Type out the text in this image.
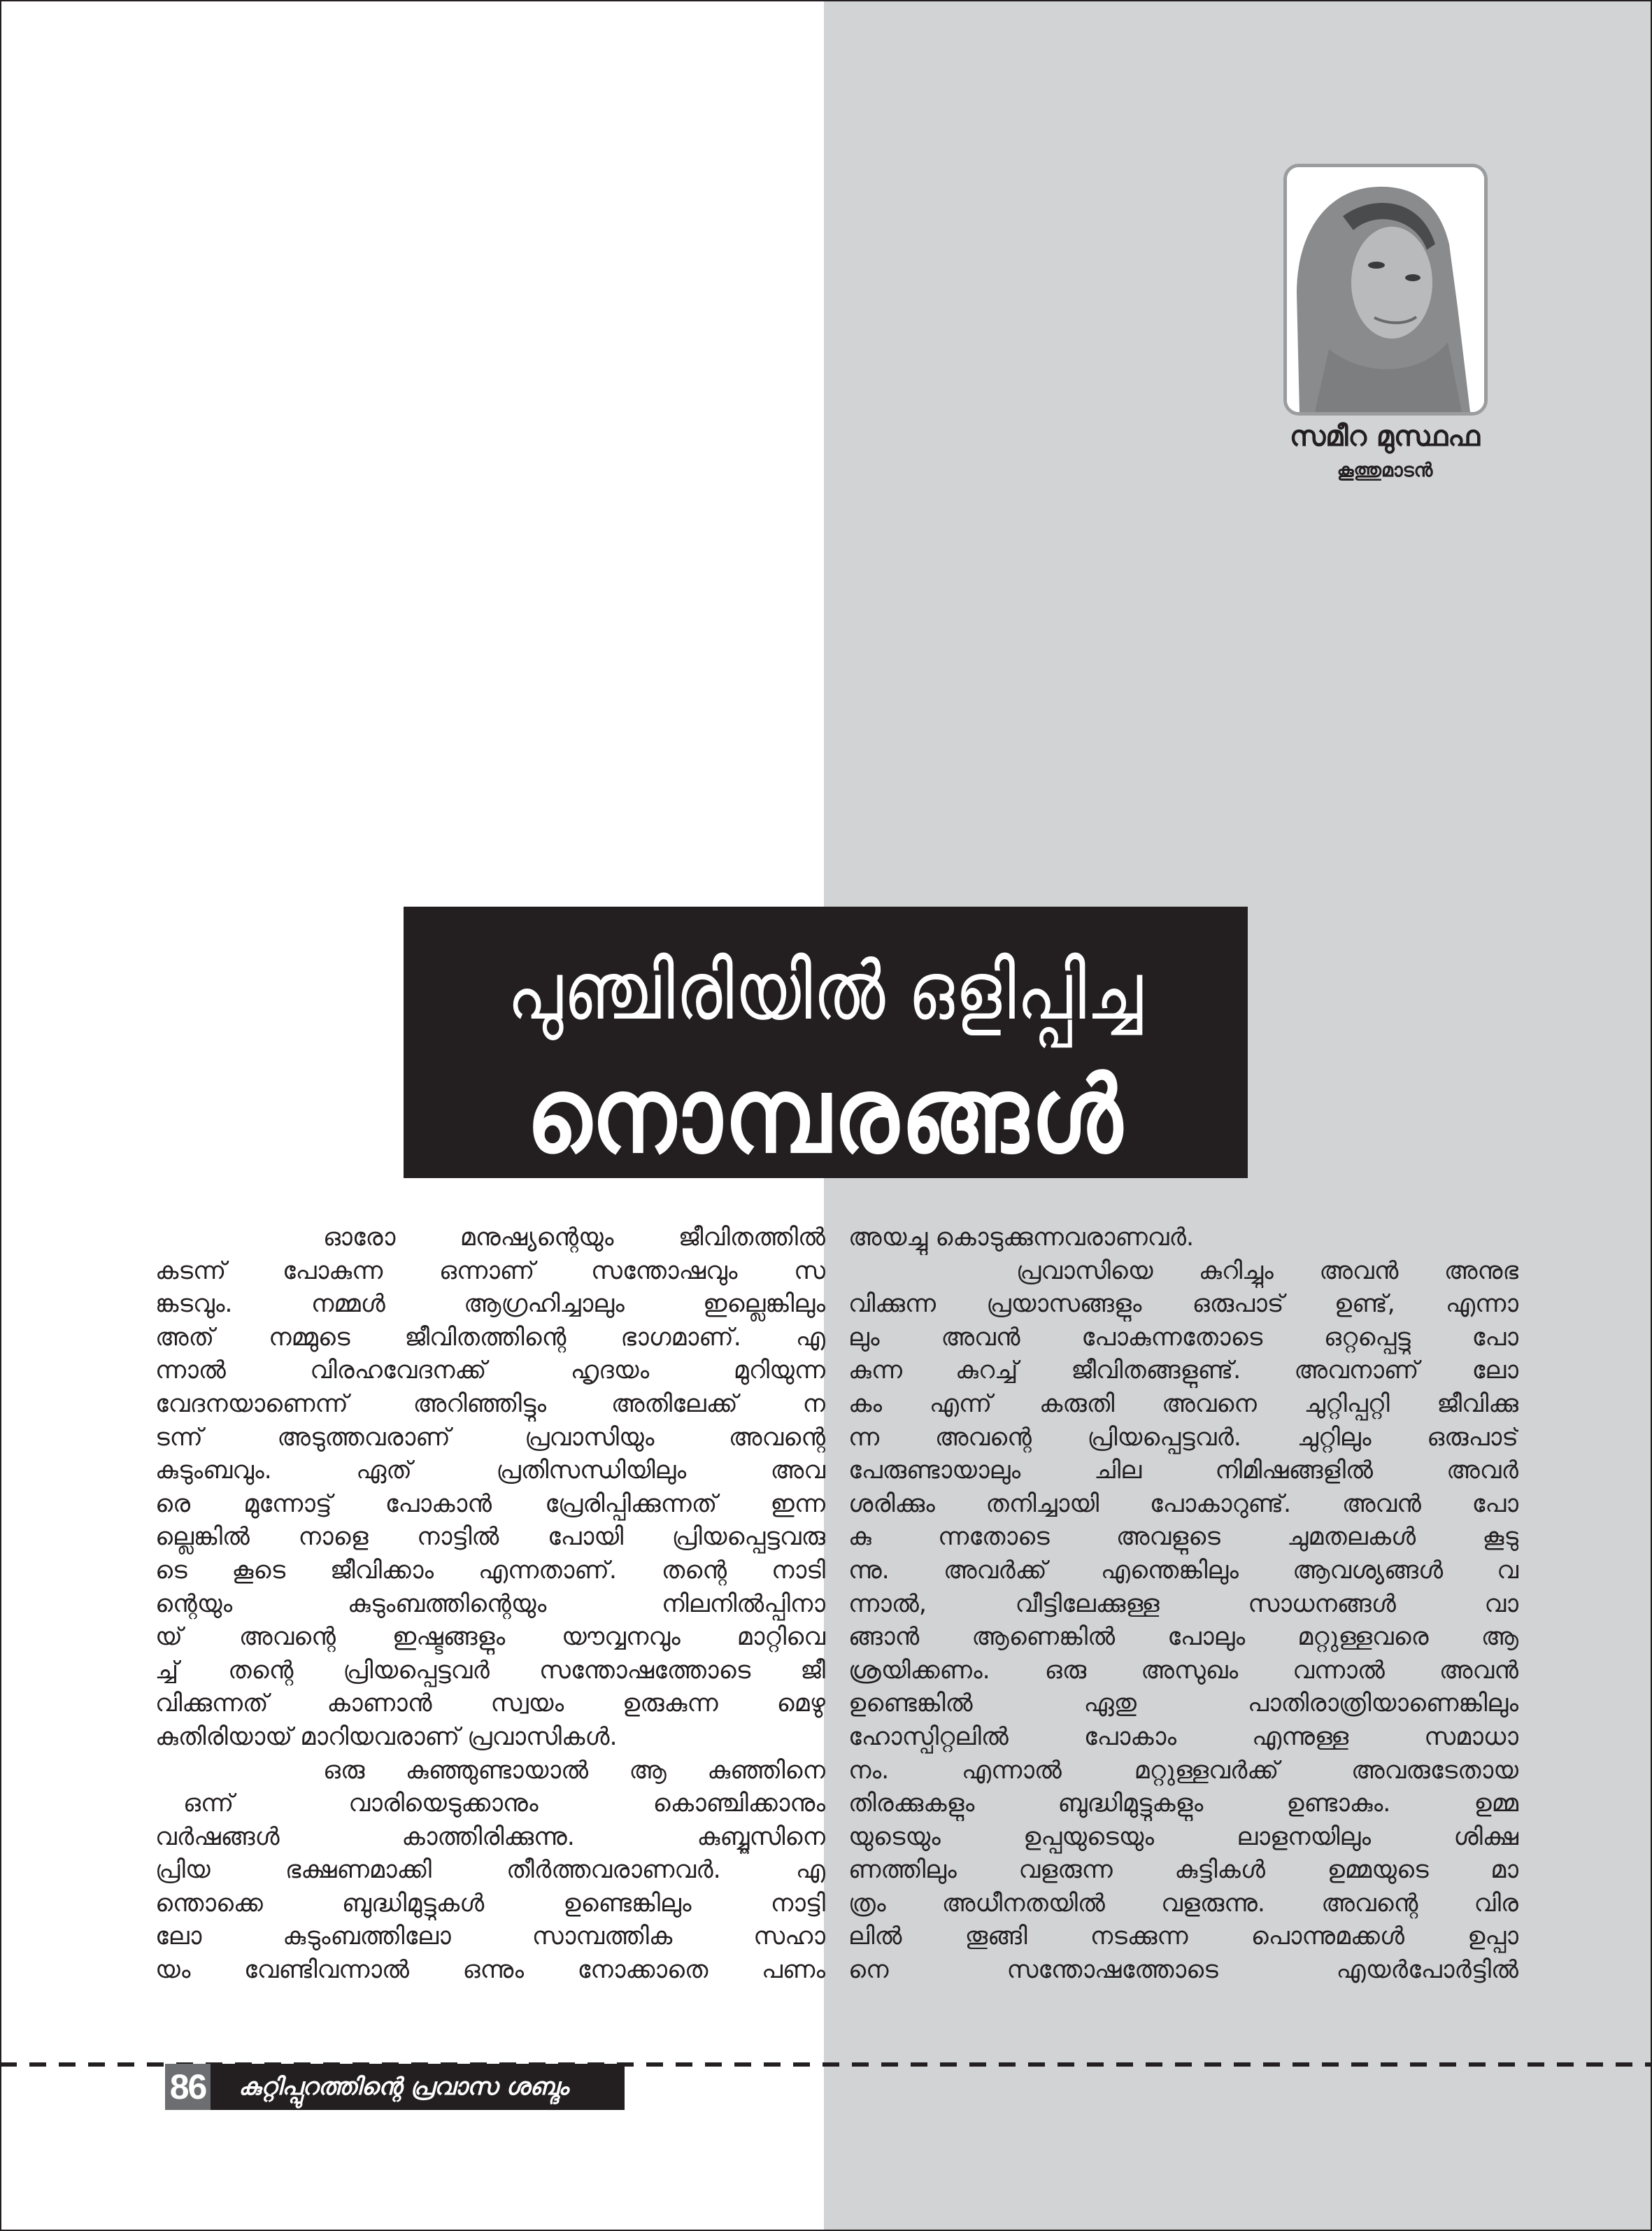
സമീറ മുസ്ഥഫ
കൂത്തുമാടൻ
പുഞ്ചിരിയിൽ ഒളിപ്പിച്ച
നൊമ്പരങ്ങൾ
ഓരോ മനുഷ്യന്റെയും ജീവിതത്തിൽ
കടന്ന് പോകുന്ന ഒന്നാണ് സന്തോഷവും സ
ങ്കടവും. നമ്മൾ ആഗ്രഹിച്ചാലും ഇല്ലെങ്കിലും
അത് നമ്മുടെ ജീവിതത്തിന്റെ ഭാഗമാണ്. എ
ന്നാൽ വിരഹവേദനക്ക് ഹൃദയം മുറിയുന്ന
വേദനയാണെന്ന് അറിഞ്ഞിട്ടും അതിലേക്ക് ന
ടന്ന് അടുത്തവരാണ് പ്രവാസിയും അവന്റെ
കുടുംബവും. ഏത് പ്രതിസന്ധിയിലും അവ
രെ മുന്നോട്ട് പോകാൻ പ്രേരിപ്പിക്കുന്നത് ഇന്ന
ല്ലെങ്കിൽ നാളെ നാട്ടിൽ പോയി പ്രിയപ്പെട്ടവരു
ടെ കൂടെ ജീവിക്കാം എന്നതാണ്. തന്റെ നാടി
ന്റെയും കുടുംബത്തിന്റെയും നിലനിൽപ്പിനാ
യ് അവന്റെ ഇഷ്ടങ്ങളും യൗവ്വനവും മാറ്റിവെ
ച്ച് തന്റെ പ്രിയപ്പെട്ടവർ സന്തോഷത്തോടെ ജീ
വിക്കുന്നത് കാണാൻ സ്വയം ഉരുകുന്ന മെഴു
കുതിരിയായ് മാറിയവരാണ് പ്രവാസികൾ.
ഒരു കുഞ്ഞുണ്ടായാൽ ആ കുഞ്ഞിനെ
ഒന്ന് വാരിയെടുക്കാനും കൊഞ്ചിക്കാനും
വർഷങ്ങൾ കാത്തിരിക്കുന്നു. കുബ്ബൂസിനെ
പ്രിയ ഭക്ഷണമാക്കി തീർത്തവരാണവർ. എ
ന്തൊക്കെ ബുദ്ധിമുട്ടുകൾ ഉണ്ടെങ്കിലും നാട്ടി
ലോ കുടുംബത്തിലോ സാമ്പത്തിക സഹാ
യം വേണ്ടിവന്നാൽ ഒന്നും നോക്കാതെ പണം
അയച്ചു കൊടുക്കുന്നവരാണവർ.
പ്രവാസിയെ കുറിച്ചും അവൻ അനുഭ
വിക്കുന്ന പ്രയാസങ്ങളും ഒരുപാട് ഉണ്ട്, എന്നാ
ലും അവൻ പോകുന്നതോടെ ഒറ്റപ്പെട്ടു പോ
കുന്ന കുറച്ച് ജീവിതങ്ങളുണ്ട്. അവനാണ് ലോ
കം എന്ന് കരുതി അവനെ ചുറ്റിപ്പറ്റി ജീവിക്കു
ന്ന അവന്റെ പ്രിയപ്പെട്ടവർ. ചുറ്റിലും ഒരുപാട്
പേരുണ്ടായാലും ചില നിമിഷങ്ങളിൽ അവർ
ശരിക്കും തനിച്ചായി പോകാറുണ്ട്. അവൻ പോ
കു ന്നതോടെ അവളുടെ ചുമതലകൾ കൂടു
ന്നു. അവർക്ക് എന്തെങ്കിലും ആവശ്യങ്ങൾ വ
ന്നാൽ, വീട്ടിലേക്കുള്ള സാധനങ്ങൾ വാ
ങ്ങാൻ ആണെങ്കിൽ പോലും മറ്റുള്ളവരെ ആ
ശ്രയിക്കണം. ഒരു അസുഖം വന്നാൽ അവൻ
ഉണ്ടെങ്കിൽ ഏതു പാതിരാത്രിയാണെങ്കിലും
ഹോസ്പിറ്റലിൽ പോകാം എന്നുള്ള സമാധാ
നം. എന്നാൽ മറ്റുള്ളവർക്ക് അവരുടേതായ
തിരക്കുകളും ബുദ്ധിമുട്ടുകളും ഉണ്ടാകും. ഉമ്മ
യുടെയും ഉപ്പയുടെയും ലാളനയിലും ശിക്ഷ
ണത്തിലും വളരുന്ന കുട്ടികൾ ഉമ്മയുടെ മാ
ത്രം അധീനതയിൽ വളരുന്നു. അവന്റെ വിര
ലിൽ തൂങ്ങി നടക്കുന്ന പൊന്നുമക്കൾ ഉപ്പാ
നെ സന്തോഷത്തോടെ എയർപോർട്ടിൽ
86	കുറ്റിപ്പുറത്തിന്റെ പ്രവാസ ശബ്ദം
